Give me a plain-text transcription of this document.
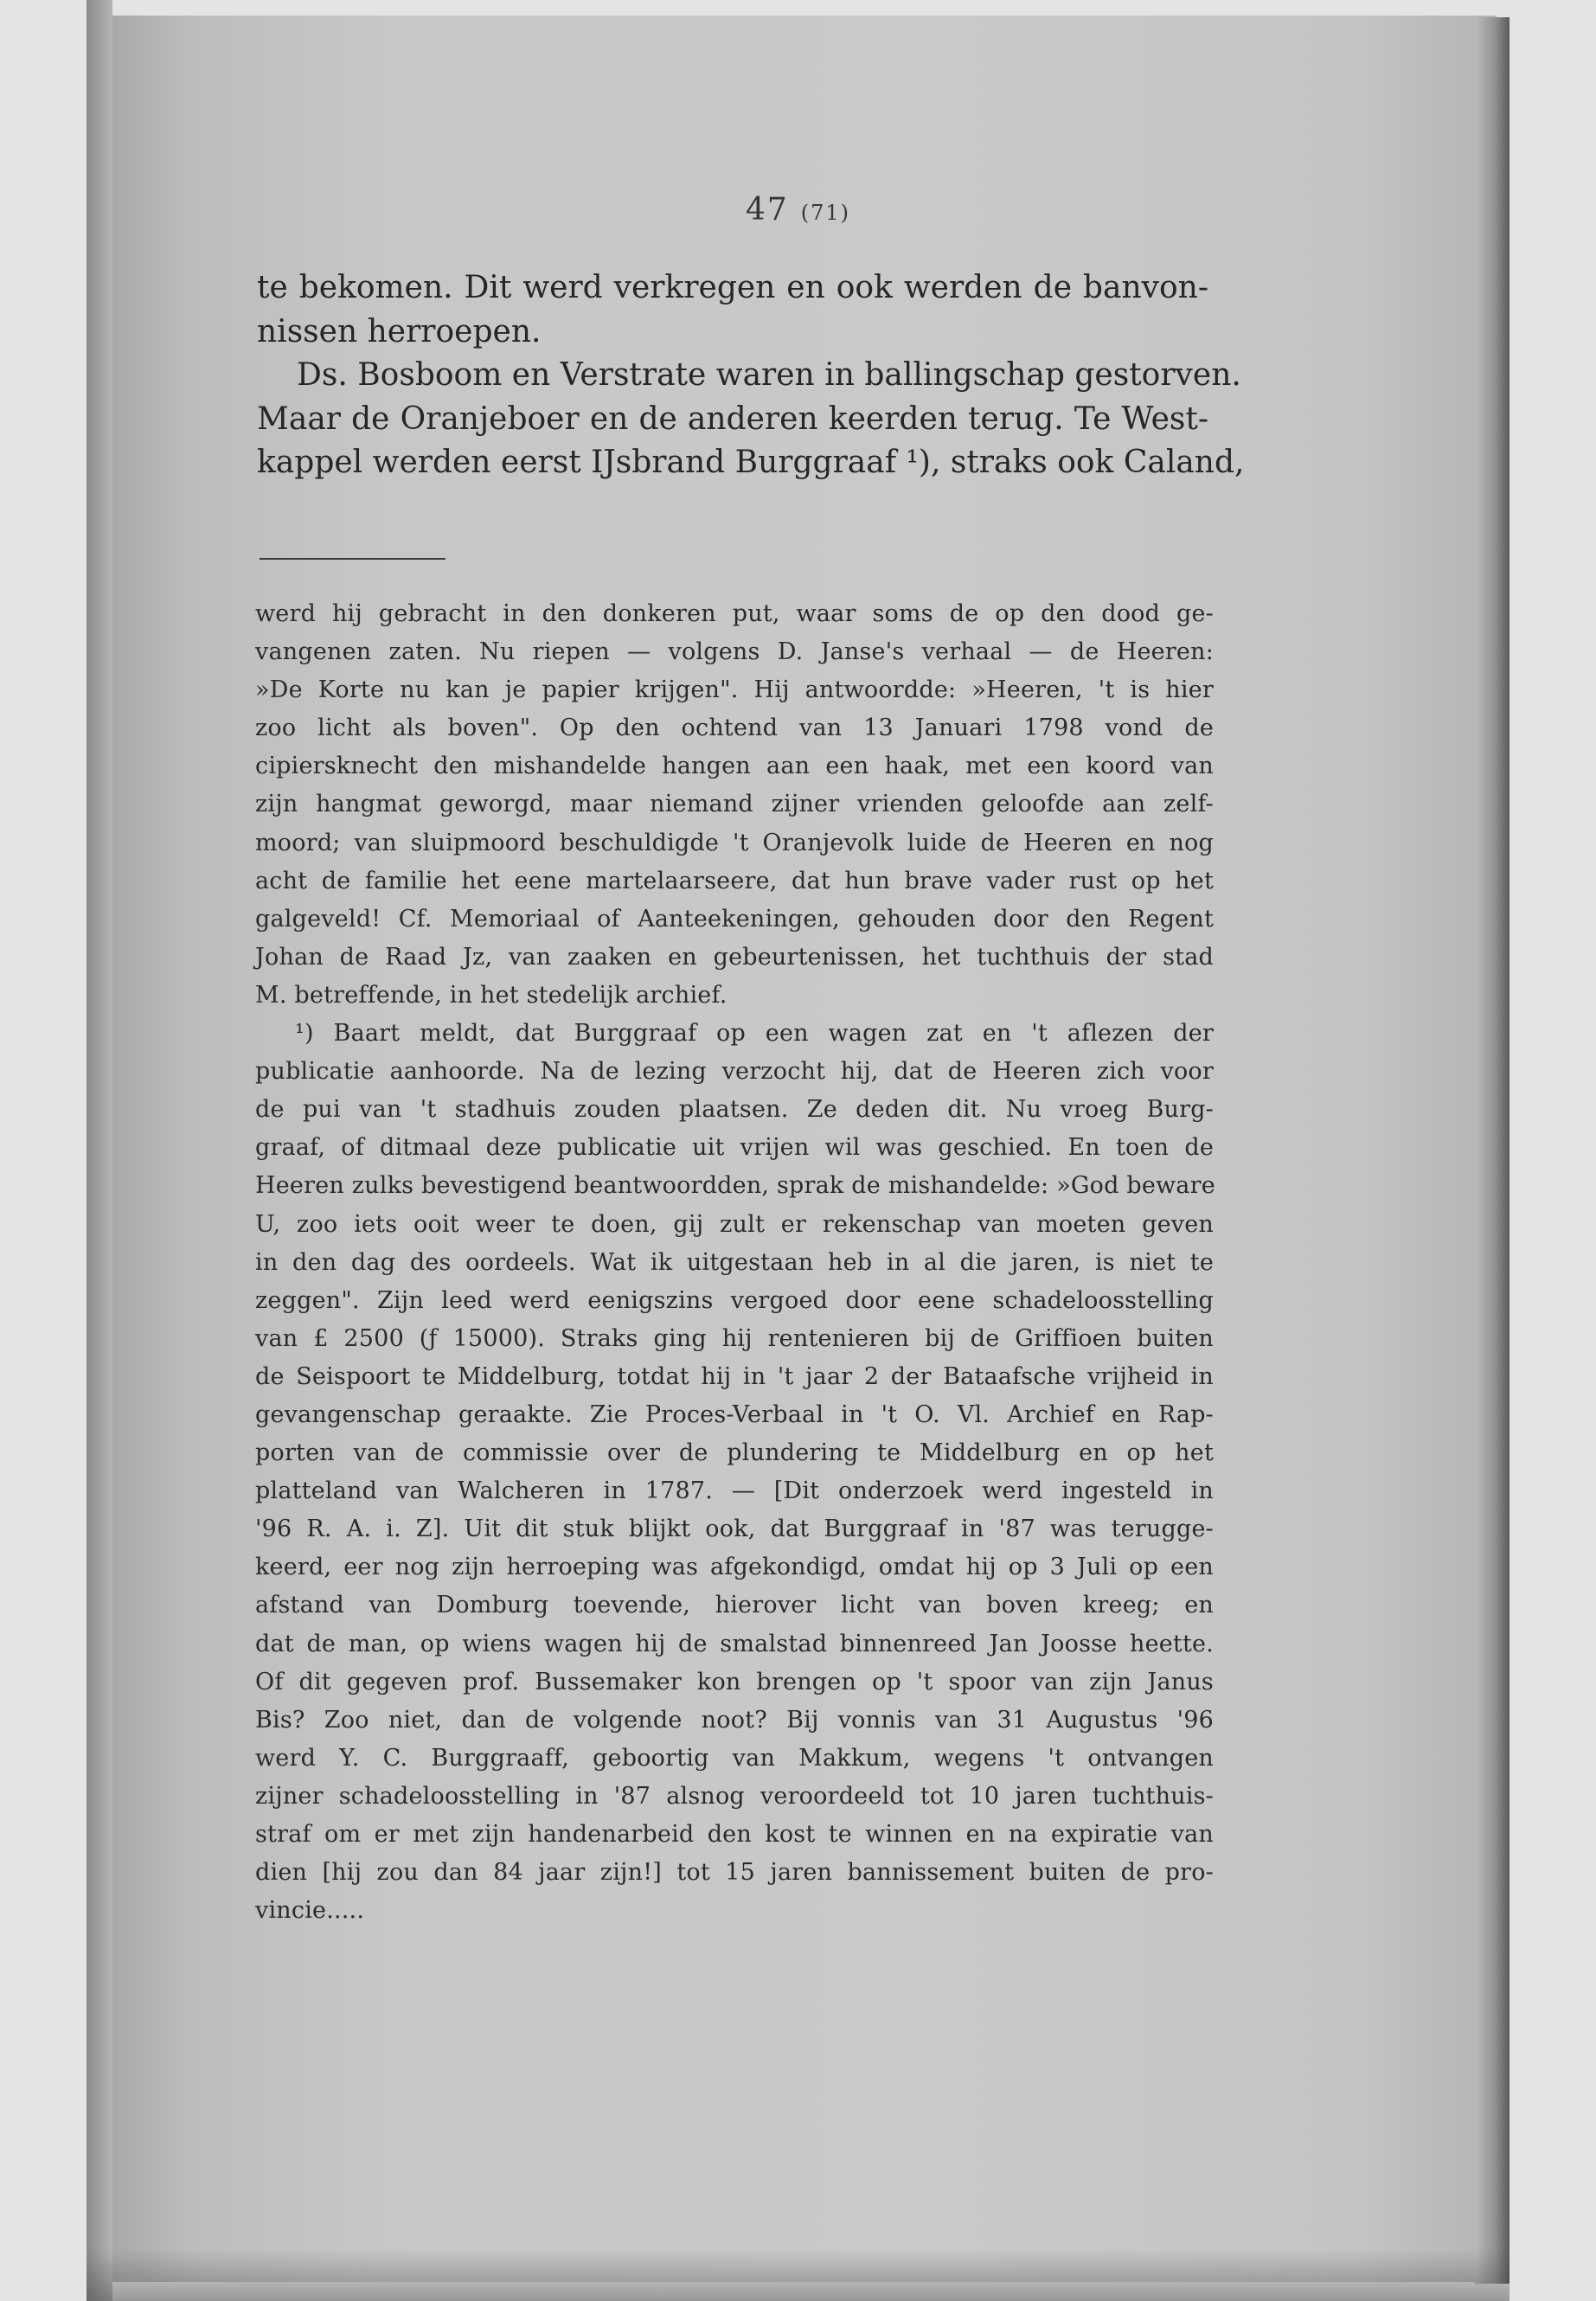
47 (71)
te bekomen. Dit werd verkregen en ook werden de banvon-
nissen herroepen.
Ds. Bosboom en Verstrate waren in ballingschap gestorven.
Maar de Oranjeboer en de anderen keerden terug. Te West-
kappel werden eerst IJsbrand Burggraaf ¹), straks ook Caland,
werd hij gebracht in den donkeren put, waar soms de op den dood ge-
vangenen zaten. Nu riepen — volgens D. Janse's verhaal — de Heeren:
»De Korte nu kan je papier krijgen". Hij antwoordde: »Heeren, 't is hier
zoo licht als boven". Op den ochtend van 13 Januari 1798 vond de
cipiersknecht den mishandelde hangen aan een haak, met een koord van
zijn hangmat geworgd, maar niemand zijner vrienden geloofde aan zelf-
moord; van sluipmoord beschuldigde 't Oranjevolk luide de Heeren en nog
acht de familie het eene martelaarseere, dat hun brave vader rust op het
galgeveld! Cf. Memoriaal of Aanteekeningen, gehouden door den Regent
Johan de Raad Jz, van zaaken en gebeurtenissen, het tuchthuis der stad
M. betreffende, in het stedelijk archief.
¹) Baart meldt, dat Burggraaf op een wagen zat en 't aflezen der
publicatie aanhoorde. Na de lezing verzocht hij, dat de Heeren zich voor
de pui van 't stadhuis zouden plaatsen. Ze deden dit. Nu vroeg Burg-
graaf, of ditmaal deze publicatie uit vrijen wil was geschied. En toen de
Heeren zulks bevestigend beantwoordden, sprak de mishandelde: »God beware
U, zoo iets ooit weer te doen, gij zult er rekenschap van moeten geven
in den dag des oordeels. Wat ik uitgestaan heb in al die jaren, is niet te
zeggen". Zijn leed werd eenigszins vergoed door eene schadeloosstelling
van £ 2500 (ƒ 15000). Straks ging hij rentenieren bij de Griffioen buiten
de Seispoort te Middelburg, totdat hij in 't jaar 2 der Bataafsche vrijheid in
gevangenschap geraakte. Zie Proces-Verbaal in 't O. Vl. Archief en Rap-
porten van de commissie over de plundering te Middelburg en op het
platteland van Walcheren in 1787. — [Dit onderzoek werd ingesteld in
'96 R. A. i. Z]. Uit dit stuk blijkt ook, dat Burggraaf in '87 was terugge-
keerd, eer nog zijn herroeping was afgekondigd, omdat hij op 3 Juli op een
afstand van Domburg toevende, hierover licht van boven kreeg; en
dat de man, op wiens wagen hij de smalstad binnenreed Jan Joosse heette.
Of dit gegeven prof. Bussemaker kon brengen op 't spoor van zijn Janus
Bis? Zoo niet, dan de volgende noot? Bij vonnis van 31 Augustus '96
werd Y. C. Burggraaff, geboortig van Makkum, wegens 't ontvangen
zijner schadeloosstelling in '87 alsnog veroordeeld tot 10 jaren tuchthuis-
straf om er met zijn handenarbeid den kost te winnen en na expiratie van
dien [hij zou dan 84 jaar zijn!] tot 15 jaren bannissement buiten de pro-
vincie.....
